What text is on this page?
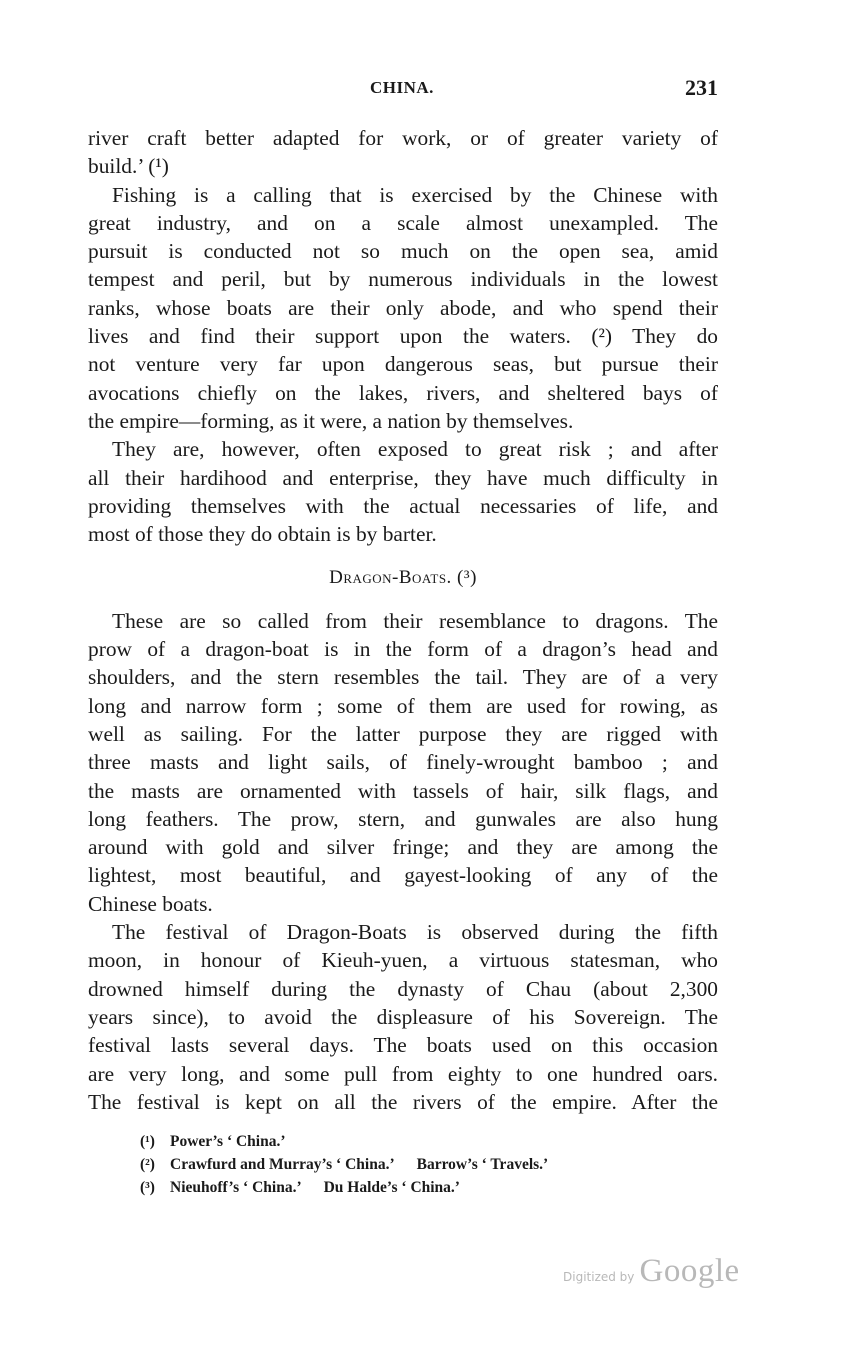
CHINA.	231
river craft better adapted for work, or of greater variety of
build.’ (¹)
Fishing is a calling that is exercised by the Chinese with
great industry, and on a scale almost unexampled. The
pursuit is conducted not so much on the open sea, amid
tempest and peril, but by numerous individuals in the lowest
ranks, whose boats are their only abode, and who spend their
lives and find their support upon the waters. (²) They do
not venture very far upon dangerous seas, but pursue their
avocations chiefly on the lakes, rivers, and sheltered bays of
the empire—forming, as it were, a nation by themselves.
They are, however, often exposed to great risk ; and after
all their hardihood and enterprise, they have much difficulty in
providing themselves with the actual necessaries of life, and
most of those they do obtain is by barter.
Dragon-Boats. (³)
These are so called from their resemblance to dragons. The
prow of a dragon-boat is in the form of a dragon’s head and
shoulders, and the stern resembles the tail. They are of a very
long and narrow form ; some of them are used for rowing, as
well as sailing. For the latter purpose they are rigged with
three masts and light sails, of finely-wrought bamboo ; and
the masts are ornamented with tassels of hair, silk flags, and
long feathers. The prow, stern, and gunwales are also hung
around with gold and silver fringe; and they are among the
lightest, most beautiful, and gayest-looking of any of the
Chinese boats.
The festival of Dragon-Boats is observed during the fifth
moon, in honour of Kieuh-yuen, a virtuous statesman, who
drowned himself during the dynasty of Chau (about 2,300
years since), to avoid the displeasure of his Sovereign. The
festival lasts several days. The boats used on this occasion
are very long, and some pull from eighty to one hundred oars.
The festival is kept on all the rivers of the empire. After the
(¹) Power’s ‘ China.’
(²) Crawfurd and Murray’s ‘ China.’ Barrow’s ‘ Travels.’
(³) Nieuhoff’s ‘ China.’ Du Halde’s ‘ China.’
Digitized by Google
